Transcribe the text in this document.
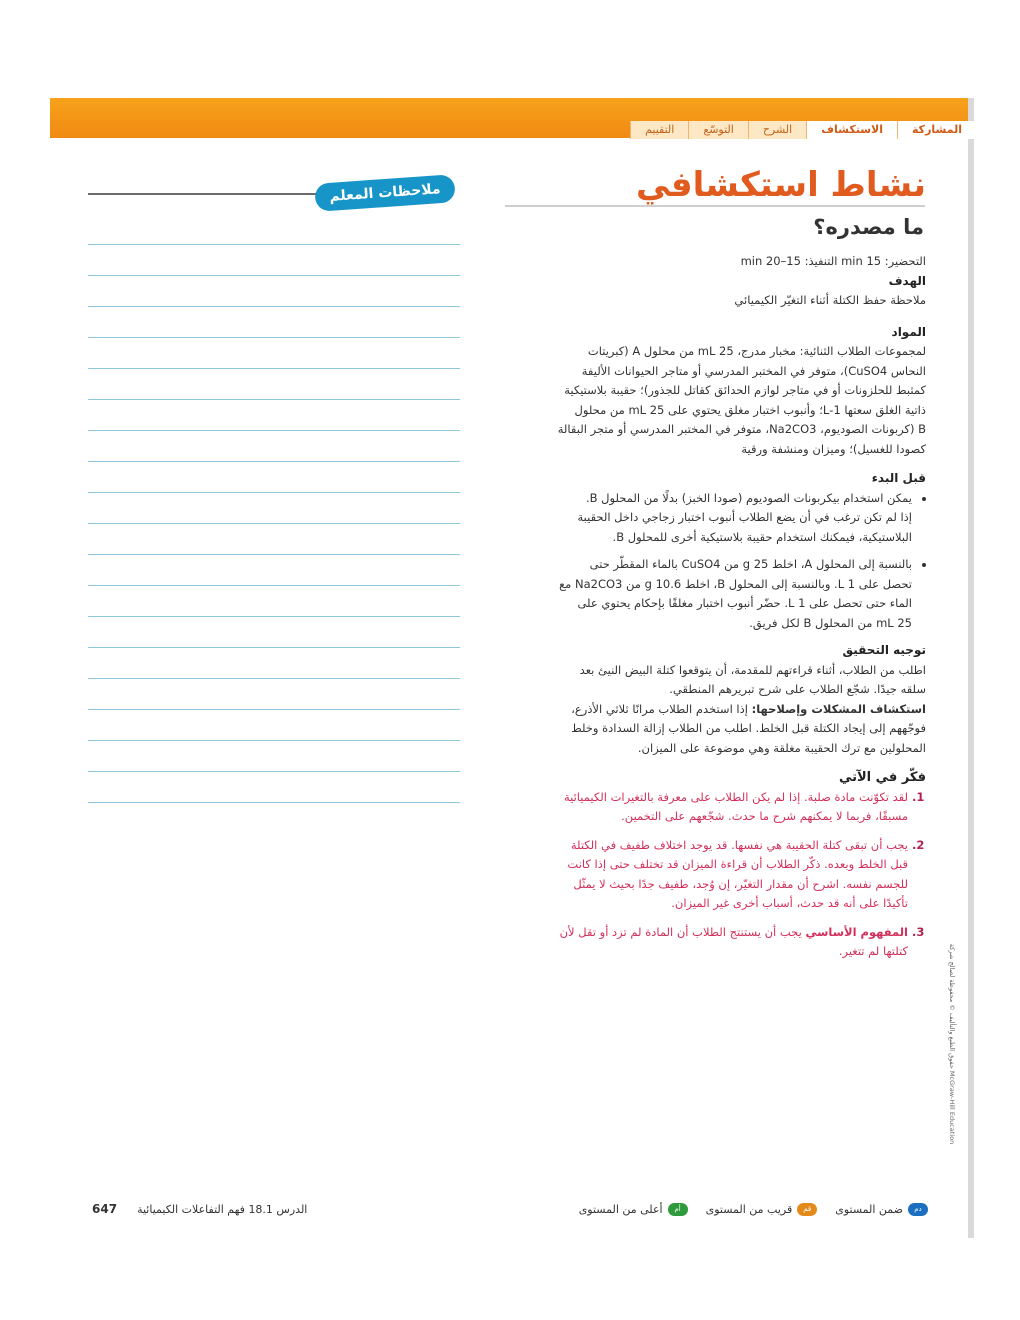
المشاركة
الاستكشاف
الشرح
التوسّع
التقييم
نشاط استكشافي
ما مصدره؟

التحضير: 15 min التنفيذ: 15–20 min

الهدف

ملاحظة حفظ الكتلة أثناء التغيّر الكيميائي

المواد

لمجموعات الطلاب الثنائية: مخبار مدرج، 25 mL من محلول A (كبريتات

النحاس CuSO4)، متوفر في المختبر المدرسي أو متاجر الحيوانات الأليفة

كمثبط للحلزونات أو في متاجر لوازم الحدائق كقاتل للجذور)؛ حقيبة بلاستيكية

ذاتية الغلق سعتها 1-L؛ وأنبوب اختبار مغلق يحتوي على 25 mL من محلول

B (كربونات الصوديوم، Na2CO3، متوفر في المختبر المدرسي أو متجر البقالة

كصودا للغسيل)؛ وميزان ومنشفة ورقية

قبل البدء

• يمكن استخدام بيكربونات الصوديوم (صودا الخبز) بدلًا من المحلول B.

إذا لم تكن ترغب في أن يضع الطلاب أنبوب اختبار زجاجي داخل الحقيبة

البلاستيكية، فيمكنك استخدام حقيبة بلاستيكية أخرى للمحلول B.

• بالنسبة إلى المحلول A، اخلط 25 g من CuSO4 بالماء المقطّر حتى

تحصل على 1 L. وبالنسبة إلى المحلول B، اخلط 10.6 g من Na2CO3 مع

الماء حتى تحصل على 1 L. حضّر أنبوب اختبار مغلقًا بإحكام يحتوي على

25 mL من المحلول B لكل فريق.

توجيه التحقيق

اطلب من الطلاب، أثناء قراءتهم للمقدمة، أن يتوقعوا كتلة البيض النيئ بعد

سلقه جيدًا. شجّع الطلاب على شرح تبريرهم المنطقي.

استكشاف المشكلات وإصلاحها: إذا استخدم الطلاب مرانًا ثلاثي الأذرع،

فوجّههم إلى إيجاد الكتلة قبل الخلط. اطلب من الطلاب إزالة السدادة وخلط

المحلولين مع ترك الحقيبة مغلقة وهي موضوعة على الميزان.

فكّر في الآتي

1. لقد تكوّنت مادة صلبة. إذا لم يكن الطلاب على معرفة بالتغيرات الكيميائية

مسبقًا، فربما لا يمكنهم شرح ما حدث. شجّعهم على التخمين.

2. يجب أن تبقى كتلة الحقيبة هي نفسها. قد يوجد اختلاف طفيف في الكتلة

قبل الخلط وبعده. ذكّر الطلاب أن قراءة الميزان قد تختلف حتى إذا كانت

للجسم نفسه. اشرح أن مقدار التغيّر، إن وُجد، طفيف جدًا بحيث لا يمثّل

تأكيدًا على أنه قد حدث، أسباب أخرى غير الميزان.

3. المفهوم الأساسي يجب أن يستنتج الطلاب أن المادة لم تزد أو تقل لأن

كتلتها لم تتغير.

ملاحظات المعلم
حقوق الطبع والتأليف © محفوظة لصالح شركة McGraw-Hill Education
دم
ضمن المستوى
قم
قريب من المستوى
أم
أعلى من المستوى
الدرس 18.1 فهم التفاعلات الكيميائية
647
